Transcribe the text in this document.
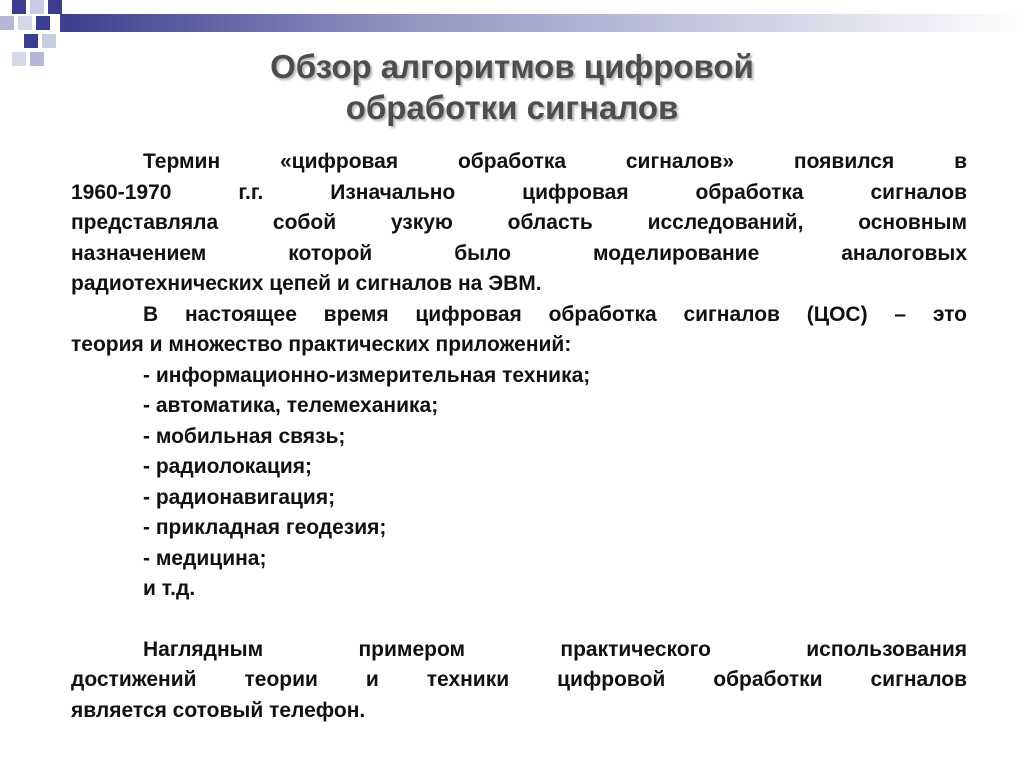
Обзор алгоритмов цифровой
обработки сигналов

Термин «цифровая обработка сигналов» появился в
1960-1970 г.г. Изначально цифровая обработка сигналов
представляла собой узкую область исследований, основным
назначением которой было моделирование аналоговых
радиотехнических цепей и сигналов на ЭВМ.

В настоящее время цифровая обработка сигналов (ЦОС) – это
теория и множество практических приложений:

- информационно-измерительная техника;
- автоматика, телемеханика;
- мобильная связь;
- радиолокация;
- радионавигация;
- прикладная геодезия;
- медицина;
и т.д.

Наглядным примером практического использования
достижений теории и техники цифровой обработки сигналов
является сотовый телефон.
